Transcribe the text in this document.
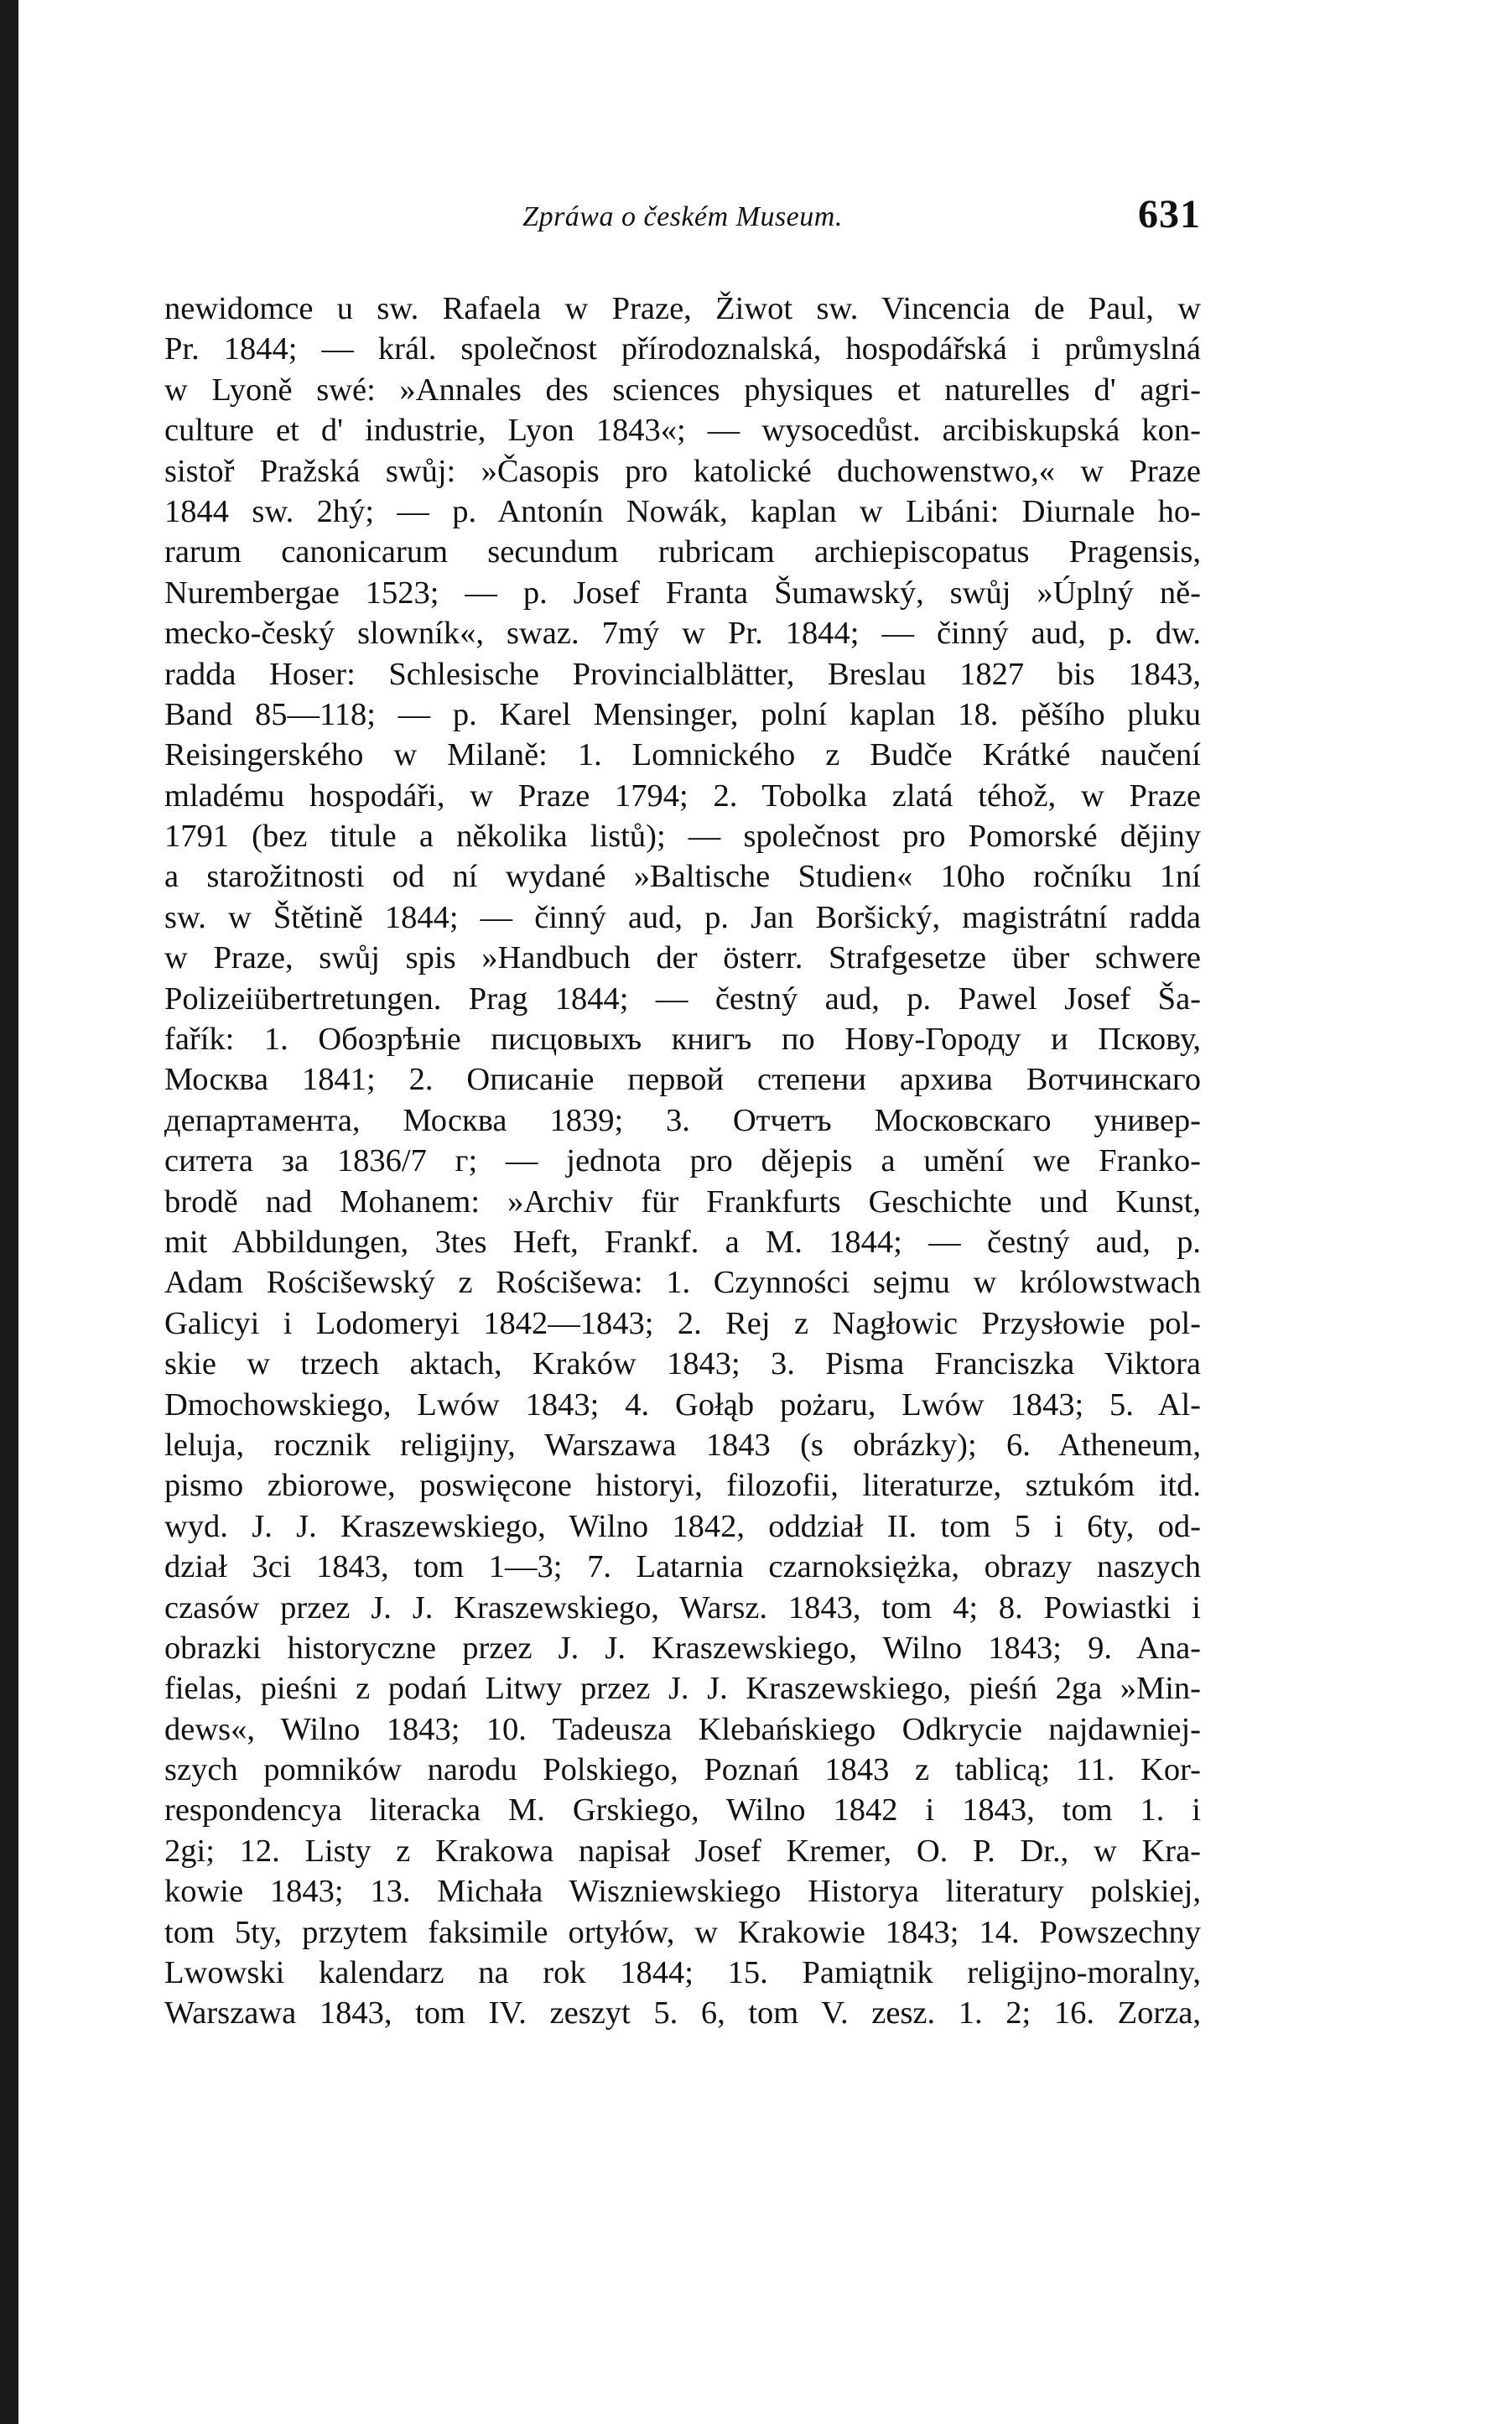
Zpráwa o českém Museum.	631
newidomce u sw. Rafaela w Praze, Žiwot sw. Vincencia de Paul, w
Pr. 1844; — král. společnost přírodoznalská, hospodářská i průmyslná
w Lyoně swé: »Annales des sciences physiques et naturelles d' agri-
culture et d' industrie, Lyon 1843«; — wysocedůst. arcibiskupská kon-
sistoř Pražská swůj: »Časopis pro katolické duchowenstwo,« w Praze
1844 sw. 2hý; — p. Antonín Nowák, kaplan w Libáni: Diurnale ho-
rarum canonicarum secundum rubricam archiepiscopatus Pragensis,
Nurembergae 1523; — p. Josef Franta Šumawský, swůj »Úplný ně-
mecko-český slowník«, swaz. 7mý w Pr. 1844; — činný aud, p. dw.
radda Hoser: Schlesische Provincialblätter, Breslau 1827 bis 1843,
Band 85—118; — p. Karel Mensinger, polní kaplan 18. pěšího pluku
Reisingerského w Milaně: 1. Lomnického z Budče Krátké naučení
mladému hospodáři, w Praze 1794; 2. Tobolka zlatá téhož, w Praze
1791 (bez titule a několika listů); — společnost pro Pomorské dějiny
a starožitnosti od ní wydané »Baltische Studien« 10ho ročníku 1ní
sw. w Štětině 1844; — činný aud, p. Jan Boršický, magistrátní radda
w Praze, swůj spis »Handbuch der österr. Strafgesetze über schwere
Polizeiübertretungen. Prag 1844; — čestný aud, p. Pawel Josef Ša-
fařík: 1. Обозрѣніе писцовыхъ книгъ по Нову-Городу и Пскову,
Москва 1841; 2. Описаніе первой степени архива Вотчинскаго
департамента, Москва 1839; 3. Отчетъ Московскаго универ-
ситета за 1836/7 г; — jednota pro dějepis a umění we Franko-
brodě nad Mohanem: »Archiv für Frankfurts Geschichte und Kunst,
mit Abbildungen, 3tes Heft, Frankf. a M. 1844; — čestný aud, p.
Adam Rościšewský z Rościšewa: 1. Czynności sejmu w królowstwach
Galicyi i Lodomeryi 1842—1843; 2. Rej z Nagłowic Przysłowie pol-
skie w trzech aktach, Kraków 1843; 3. Pisma Franciszka Viktora
Dmochowskiego, Lwów 1843; 4. Gołąb pożaru, Lwów 1843; 5. Al-
leluja, rocznik religijny, Warszawa 1843 (s obrázky); 6. Atheneum,
pismo zbiorowe, poswięcone historyi, filozofii, literaturze, sztukóm itd.
wyd. J. J. Kraszewskiego, Wilno 1842, oddział II. tom 5 i 6ty, od-
dział 3ci 1843, tom 1—3; 7. Latarnia czarnoksiężka, obrazy naszych
czasów przez J. J. Kraszewskiego, Warsz. 1843, tom 4; 8. Powiastki i
obrazki historyczne przez J. J. Kraszewskiego, Wilno 1843; 9. Ana-
fielas, pieśni z podań Litwy przez J. J. Kraszewskiego, pieśń 2ga »Min-
dews«, Wilno 1843; 10. Tadeusza Klebańskiego Odkrycie najdawniej-
szych pomników narodu Polskiego, Poznań 1843 z tablicą; 11. Kor-
respondencya literacka M. Grskiego, Wilno 1842 i 1843, tom 1. i
2gi; 12. Listy z Krakowa napisał Josef Kremer, O. P. Dr., w Kra-
kowie 1843; 13. Michała Wiszniewskiego Historya literatury polskiej,
tom 5ty, przytem faksimile ortyłów, w Krakowie 1843; 14. Powszechny
Lwowski kalendarz na rok 1844; 15. Pamiątnik religijno-moralny,
Warszawa 1843, tom IV. zeszyt 5. 6, tom V. zesz. 1. 2; 16. Zorza,
